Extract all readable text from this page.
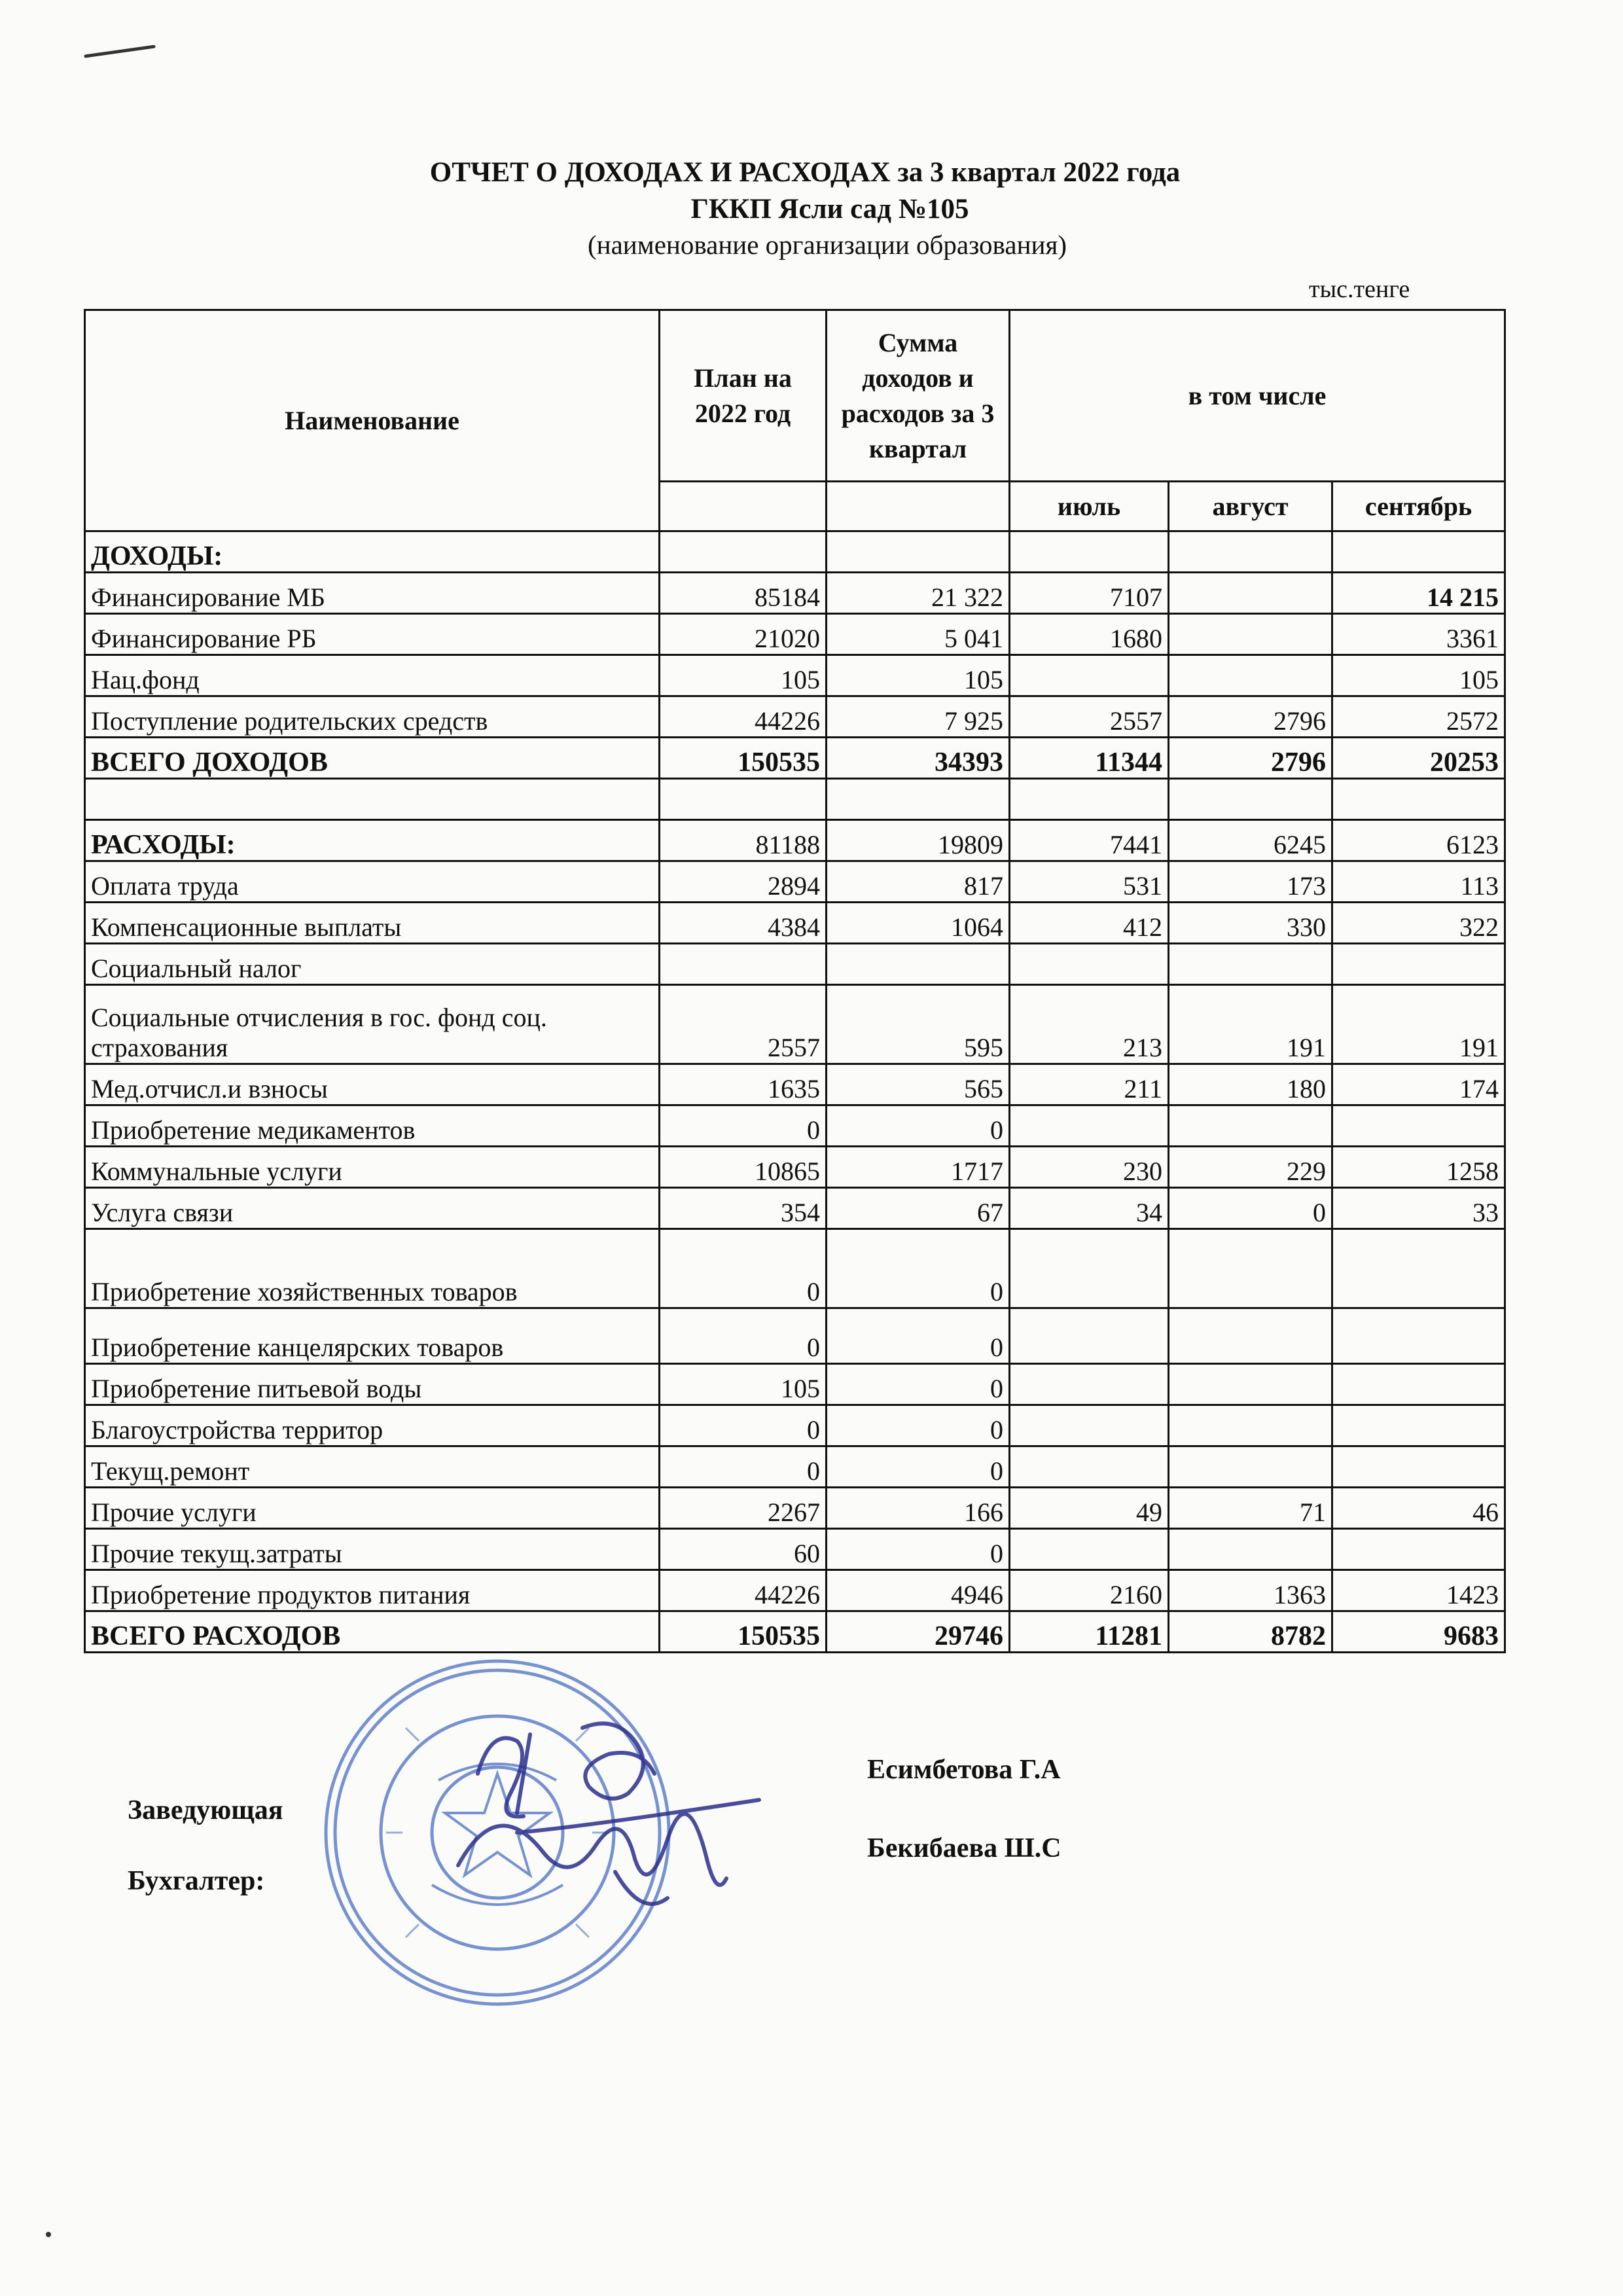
ОТЧЕТ О ДОХОДАХ И РАСХОДАХ за 3 квартал 2022 года
ГККП Ясли сад №105
(наименование организации образования)
тыс.тенге
Наименование	План на 2022 год	Сумма доходов и расходов за 3 квартал	в том числе		
			июль	август	сентябрь
ДОХОДЫ:					
Финансирование МБ	85184	21 322	7107		14 215
Финансирование РБ	21020	5 041	1680		3361
Нац.фонд	105	105			105
Поступление родительских средств	44226	7 925	2557	2796	2572
ВСЕГО ДОХОДОВ	150535	34393	11344	2796	20253

РАСХОДЫ:	81188	19809	7441	6245	6123
Оплата труда	2894	817	531	173	113
Компенсационные выплаты	4384	1064	412	330	322
Социальный налог					
Социальные отчисления в гос. фонд соц. страхования	2557	595	213	191	191
Мед.отчисл.и взносы	1635	565	211	180	174
Приобретение медикаментов	0	0			
Коммунальные услуги	10865	1717	230	229	1258
Услуга связи	354	67	34	0	33
Приобретение хозяйственных товаров	0	0			
Приобретение канцелярских товаров	0	0			
Приобретение питьевой воды	105	0			
Благоустройства территор	0	0			
Текущ.ремонт	0	0			
Прочие услуги	2267	166	49	71	46
Прочие текущ.затраты	60	0			
Приобретение продуктов питания	44226	4946	2160	1363	1423
ВСЕГО РАСХОДОВ	150535	29746	11281	8782	9683
Заведующая
Есимбетова Г.А
Бухгалтер:
Бекибаева Ш.С
